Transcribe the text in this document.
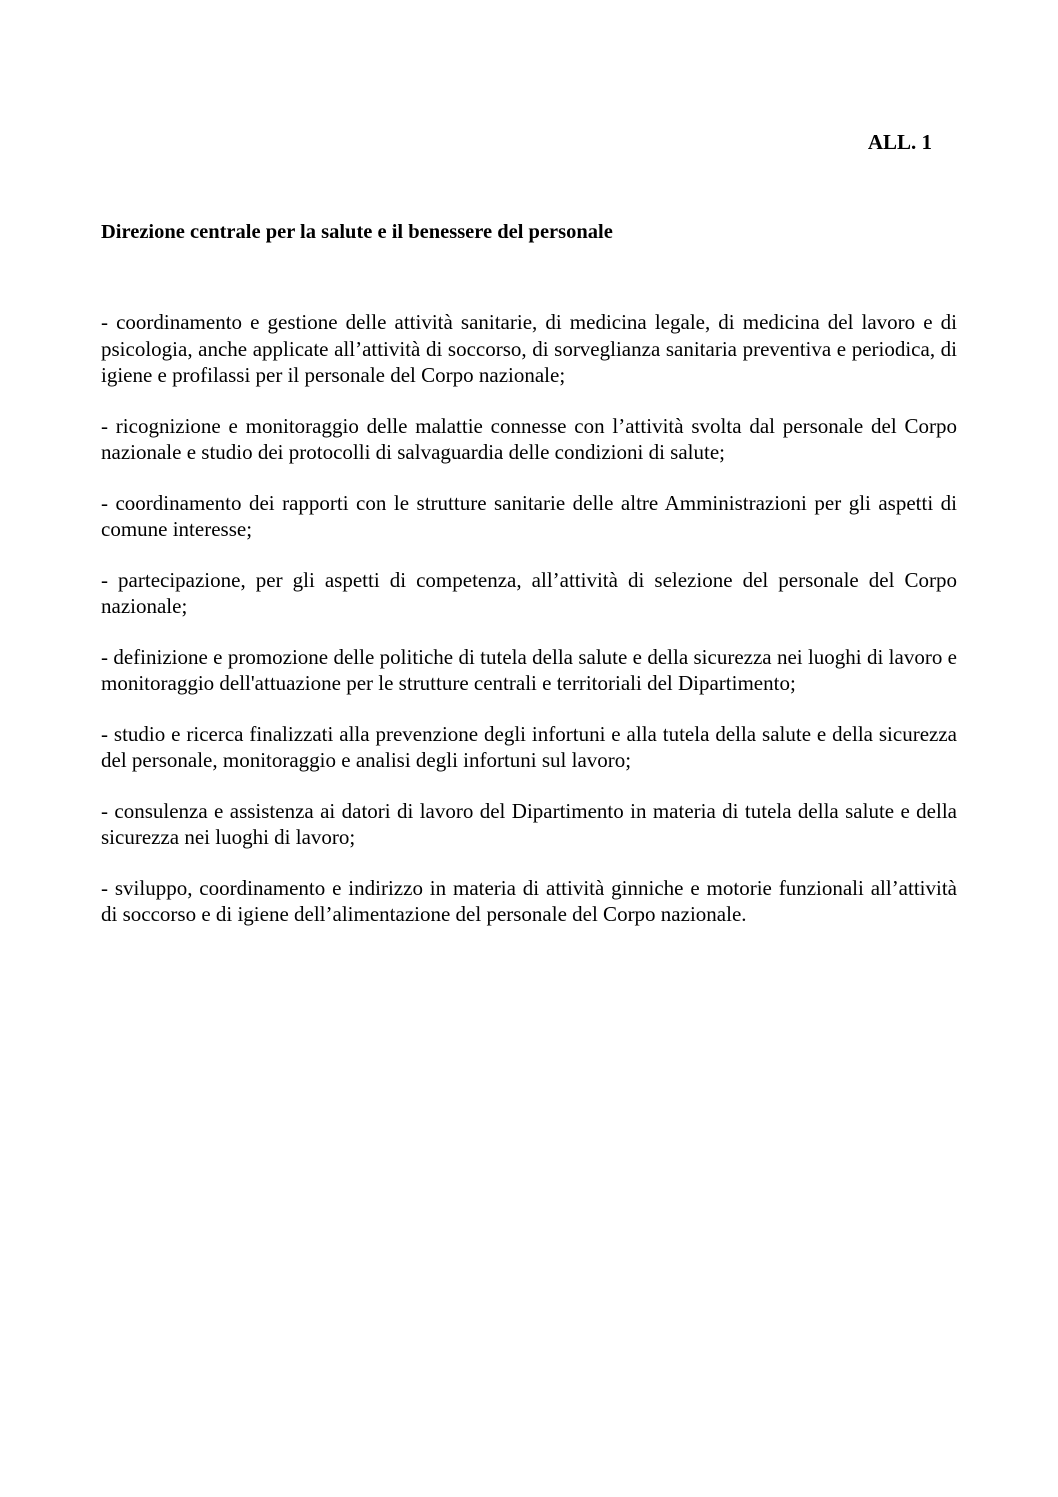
ALL. 1

Direzione centrale per la salute e il benessere del personale

- coordinamento e gestione delle attività sanitarie, di medicina legale, di medicina del lavoro e di psicologia, anche applicate all’attività di soccorso, di sorveglianza sanitaria preventiva e periodica, di igiene e profilassi per il personale del Corpo nazionale;
- ricognizione e monitoraggio delle malattie connesse con l’attività svolta dal personale del Corpo nazionale e studio dei protocolli di salvaguardia delle condizioni di salute;
- coordinamento dei rapporti con le strutture sanitarie delle altre Amministrazioni per gli aspetti di comune interesse;
- partecipazione, per gli aspetti di competenza, all’attività di selezione del personale del Corpo nazionale;
- definizione e promozione delle politiche di tutela della salute e della sicurezza nei luoghi di lavoro e monitoraggio dell'attuazione per le strutture centrali e territoriali del Dipartimento;
- studio e ricerca finalizzati alla prevenzione degli infortuni e alla tutela della salute e della sicurezza del personale, monitoraggio e analisi degli infortuni sul lavoro;
- consulenza e assistenza ai datori di lavoro del Dipartimento in materia di tutela della salute e della sicurezza nei luoghi di lavoro;
- sviluppo, coordinamento e indirizzo in materia di attività ginniche e motorie funzionali all’attività di soccorso e di igiene dell’alimentazione del personale del Corpo nazionale.
